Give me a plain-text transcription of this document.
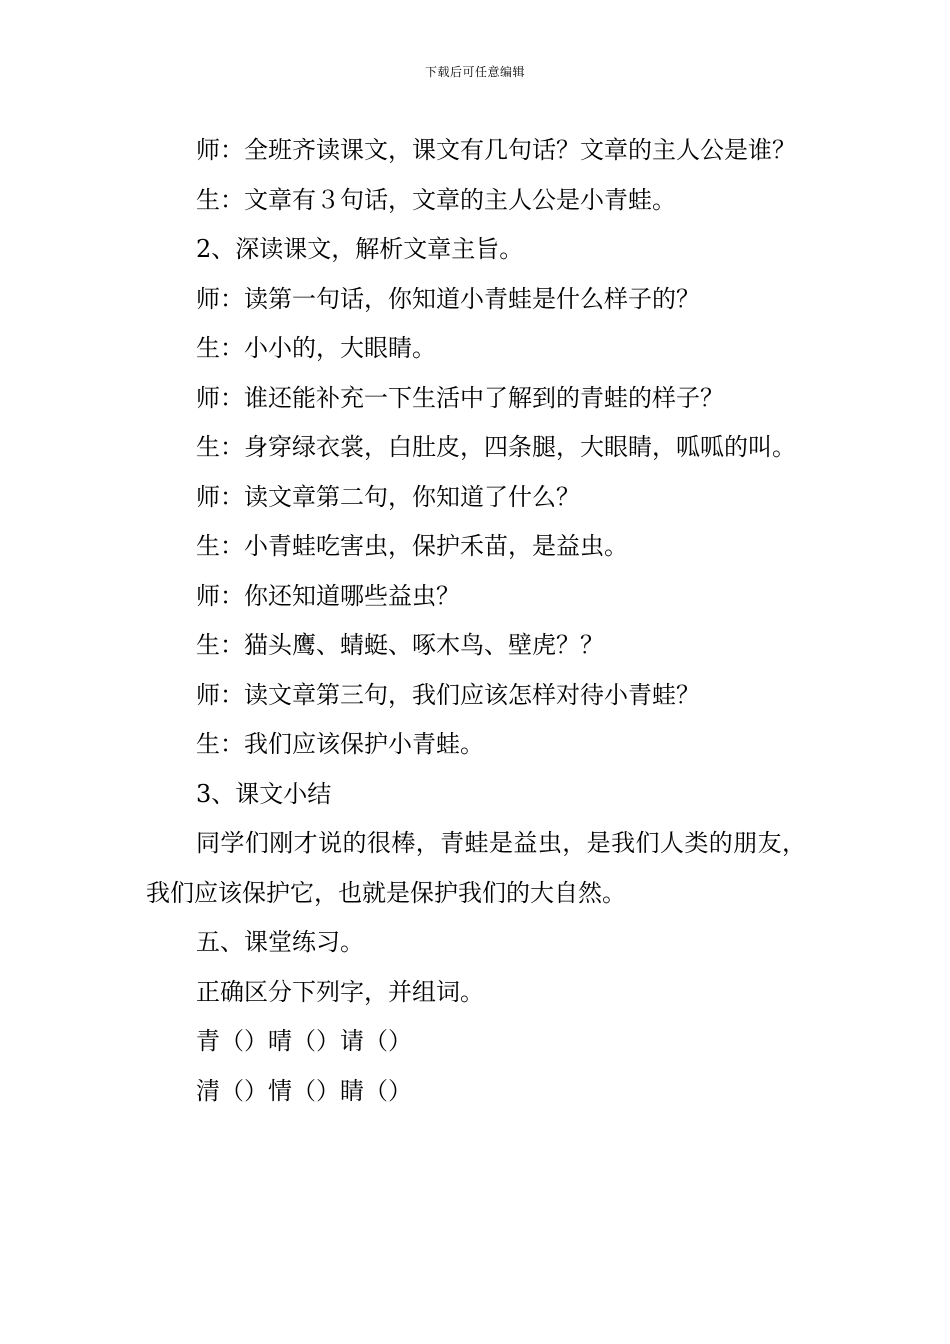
下载后可任意编辑

师：全班齐读课文，课文有几句话？文章的主人公是谁？

生：文章有３句话，文章的主人公是小青蛙。

2、深读课文，解析文章主旨。

师：读第一句话，你知道小青蛙是什么样子的？

生：小小的，大眼睛。

师：谁还能补充一下生活中了解到的青蛙的样子？

生：身穿绿衣裳，白肚皮，四条腿，大眼睛，呱呱的叫。

师：读文章第二句，你知道了什么？

生：小青蛙吃害虫，保护禾苗，是益虫。

师：你还知道哪些益虫？

生：猫头鹰、蜻蜓、啄木鸟、壁虎？？

师：读文章第三句，我们应该怎样对待小青蛙？

生：我们应该保护小青蛙。

3、课文小结

同学们刚才说的很棒，青蛙是益虫，是我们人类的朋友，我们应该保护它，也就是保护我们的大自然。

五、课堂练习。

正确区分下列字，并组词。

青（）晴（）请（）

清（）情（）睛（）
